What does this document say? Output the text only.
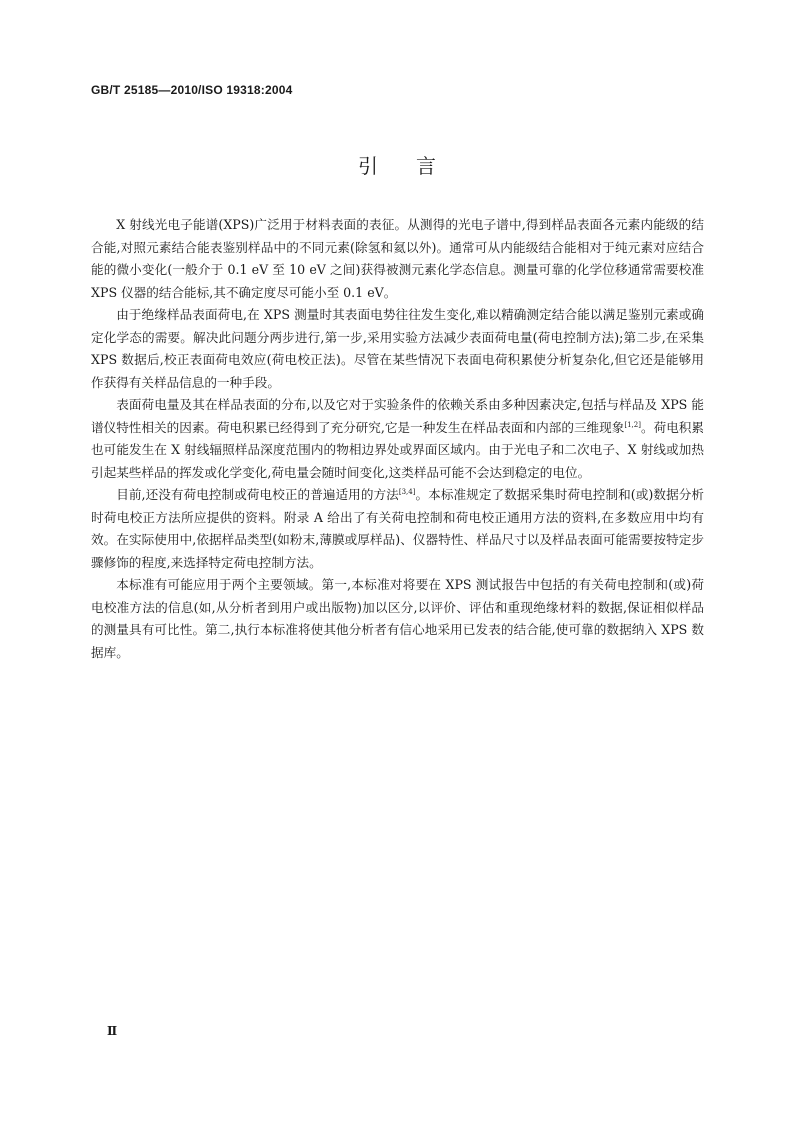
GB/T 25185—2010/ISO 19318:2004

引言

X 射线光电子能谱(XPS)广泛用于材料表面的表征。从测得的光电子谱中,得到样品表面各元素内能级的结合能,对照元素结合能表鉴别样品中的不同元素(除氢和氦以外)。通常可从内能级结合能相对于纯元素对应结合能的微小变化(一般介于 0.1 eV 至 10 eV 之间)获得被测元素化学态信息。测量可靠的化学位移通常需要校准 XPS 仪器的结合能标,其不确定度尽可能小至 0.1 eV。

由于绝缘样品表面荷电,在 XPS 测量时其表面电势往往发生变化,难以精确测定结合能以满足鉴别元素或确定化学态的需要。解决此问题分两步进行,第一步,采用实验方法减少表面荷电量(荷电控制方法);第二步,在采集 XPS 数据后,校正表面荷电效应(荷电校正法)。尽管在某些情况下表面电荷积累使分析复杂化,但它还是能够用作获得有关样品信息的一种手段。

表面荷电量及其在样品表面的分布,以及它对于实验条件的依赖关系由多种因素决定,包括与样品及 XPS 能谱仪特性相关的因素。荷电积累已经得到了充分研究,它是一种发生在样品表面和内部的三维现象[1,2]。荷电积累也可能发生在 X 射线辐照样品深度范围内的物相边界处或界面区域内。由于光电子和二次电子、X 射线或加热引起某些样品的挥发或化学变化,荷电量会随时间变化,这类样品可能不会达到稳定的电位。

目前,还没有荷电控制或荷电校正的普遍适用的方法[3,4]。本标准规定了数据采集时荷电控制和(或)数据分析时荷电校正方法所应提供的资料。附录 A 给出了有关荷电控制和荷电校正通用方法的资料,在多数应用中均有效。在实际使用中,依据样品类型(如粉末,薄膜或厚样品)、仪器特性、样品尺寸以及样品表面可能需要按特定步骤修饰的程度,来选择特定荷电控制方法。

本标准有可能应用于两个主要领域。第一,本标准对将要在 XPS 测试报告中包括的有关荷电控制和(或)荷电校准方法的信息(如,从分析者到用户或出版物)加以区分,以评价、评估和重现绝缘材料的数据,保证相似样品的测量具有可比性。第二,执行本标准将使其他分析者有信心地采用已发表的结合能,使可靠的数据纳入 XPS 数据库。

Ⅱ
